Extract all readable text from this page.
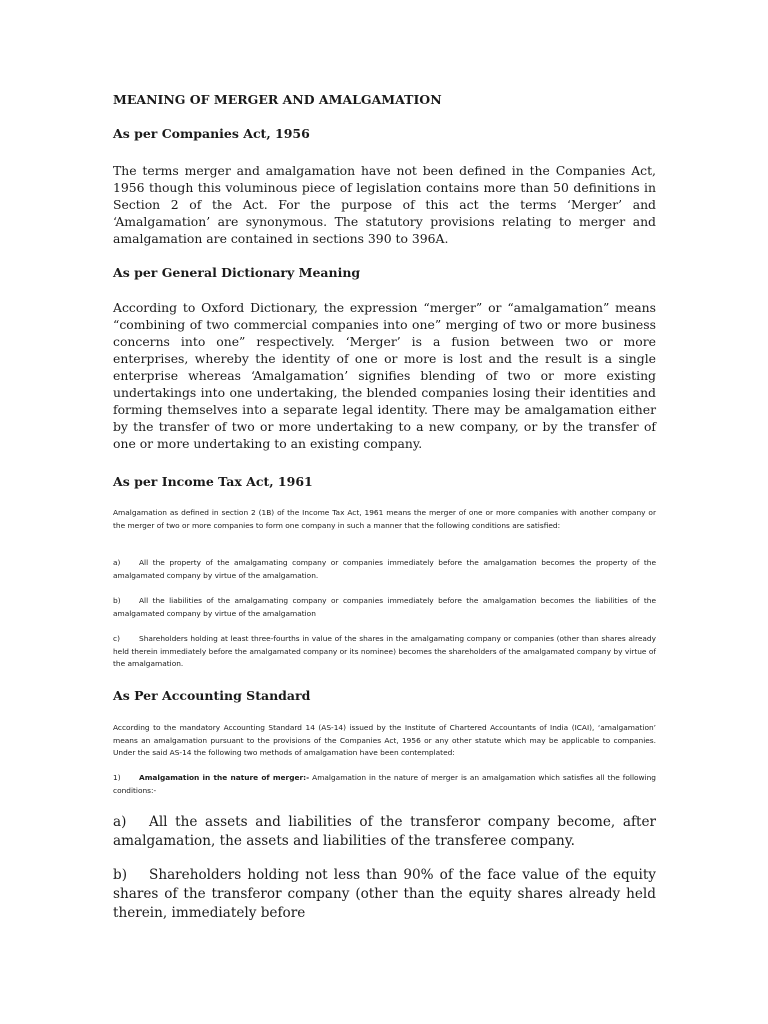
MEANING OF MERGER AND AMALGAMATION
As per Companies Act, 1956

The terms merger and amalgamation have not been defined in the Companies Act, 1956 though this voluminous piece of legislation contains more than 50 definitions in Section 2 of the Act. For the purpose of this act the terms ‘Merger’ and ‘Amalgamation’ are synonymous. The statutory provisions relating to merger and amalgamation are contained in sections 390 to 396A.

As per General Dictionary Meaning

According to Oxford Dictionary, the expression “merger” or “amalgamation” means “combining of two commercial companies into one” merging of two or more business concerns into one” respectively. ‘Merger’ is a fusion between two or more enterprises, whereby the identity of one or more is lost and the result is a single enterprise whereas ‘Amalgamation’ signifies blending of two or more existing undertakings into one undertaking, the blended companies losing their identities and forming themselves into a separate legal identity. There may be amalgamation either by the transfer of two or more undertaking to a new company, or by the transfer of one or more undertaking to an existing company.

As per Income Tax Act, 1961

Amalgamation as defined in section 2 (1B) of the Income Tax Act, 1961 means the merger of one or more companies with another company or the merger of two or more companies to form one company in such a manner that the following conditions are satisfied:

a)	All the property of the amalgamating company or companies immediately before the amalgamation becomes the property of the amalgamated company by virtue of the amalgamation.

b) All the liabilities of the amalgamating company or companies immediately before the amalgamation becomes the liabilities of the amalgamated company by virtue of the amalgamation

c)	Shareholders holding at least three-fourths in value of the shares in the amalgamating company or companies (other than shares already held therein immediately before the amalgamated company or its nominee) becomes the shareholders of the amalgamated company by virtue of the amalgamation.

As Per Accounting Standard

According to the mandatory Accounting Standard 14 (AS-14) issued by the Institute of Chartered Accountants of India (ICAI), ‘amalgamation’ means an amalgamation pursuant to the provisions of the Companies Act, 1956 or any other statute which may be applicable to companies. Under the said AS-14 the following two methods of amalgamation have been contemplated:

1) Amalgamation in the nature of merger:- Amalgamation in the nature of merger is an amalgamation which satisfies all the following conditions:-

a) All the assets and liabilities of the transferor company become, after amalgamation, the assets and liabilities of the transferee company.

b) Shareholders holding not less than 90% of the face value of the equity shares of the transferor company (other than the equity shares already held therein, immediately before
